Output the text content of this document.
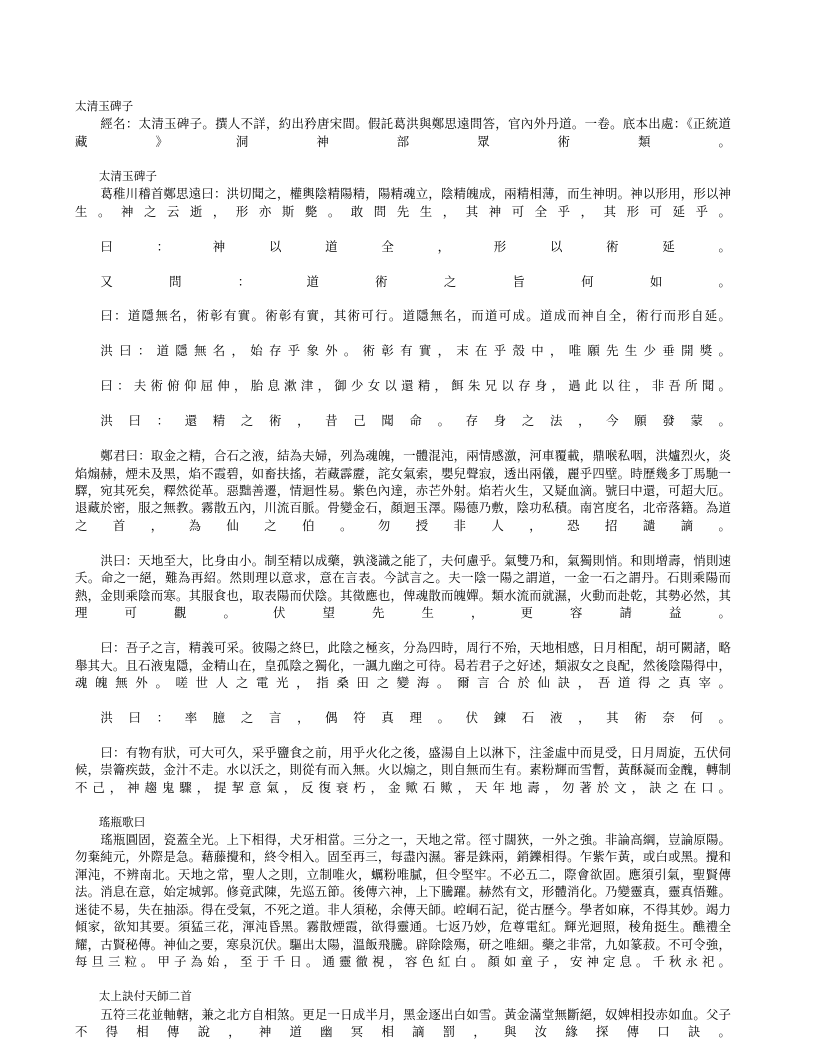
太清玉碑子

經名：太清玉碑子。撰人不詳，約出矜唐宋間。假託葛洪與鄭思遠問答，官內外丹道。一卷。底本出處：《正統道藏》洞神部眾術類。

太清玉碑子

葛稚川稽首鄭思遠曰：洪切聞之，權輿陰精陽精，陽精魂立，陰精魄成，兩精相薄，而生神明。神以形用，形以神生。神之云逝，形亦斯斃。敢問先生，其神可全乎，其形可延乎。

曰：神以道全，形以術延。

又問：道術之旨何如。

曰：道隱無名，術彰有實。術彰有實，其術可行。道隱無名，而道可成。道成而神自全，術行而形自延。

洪曰：道隱無名，始存乎象外。術彰有實，末在乎殼中，唯願先生少垂開獎。

曰：夫術俯仰屈伸，胎息漱津，御少女以還精，餌朱兄以存身，過此以往，非吾所聞。

洪曰：還精之術，昔己聞命。存身之法，今願發蒙。

鄭君曰：取金之精，合石之液，結為夫婦，列為魂魄，一體混沌，兩情感激，河車覆載，鼎喉私咽，洪爐烈火，炎焰煽赫，煙未及黑，焰不霞碧，如畜扶搖，若藏霹靂，詫女氣索，嬰兒聲寂，透出兩儀，麗乎四壁。時歷幾多丁馬馳一驛，宛其死矣，釋然從革。惡黜善遷，情迴性易。紫色內達，赤芒外射。焰若火生，又疑血滴。號曰中還，可超大厄。退藏於密，服之無教。霧散五內，川流百脈。骨變金石，顏迴玉澤。陽德乃敷，陰功私積。南宮度名，北帝落籍。為道之首，為仙之伯。勿授非人，恐招譴謫。

洪曰：天地至大，比身由小。制至精以成藥，孰淺識之能了，夫何慮乎。氣雙乃和，氣獨則悄。和則增壽，悄則速夭。命之一絕，難為再紹。然則理以意求，意在言表。今試言之。夫一陰一陽之謂道，一金一石之謂丹。石則乘陽而熱，金則乘陰而寒。其服食也，取表陽而伏陰。其徵應也，俾魂散而魄嬋。類水流而就濕，火動而赴乾，其勢必然，其理可觀。伏望先生，更容請益。

曰：吾子之言，精義可采。彼陽之終巳，此陰之極亥，分為四時，周行不殆，天地相感，日月相配，胡可闕諸，略舉其大。且石液鬼隱，金精山在，皇孤陰之獨化，一諷九幽之可待。曷若君子之好述，類淑女之良配，然後陰陽得中，魂魄無外。嗟世人之電光，指桑田之變海。爾言合於仙訣，吾道得之真宰。

洪曰：率臆之言，偶符真理。伏鍊石液，其術奈何。

曰：有物有狀，可大可久，采乎鹽食之前，用乎火化之後，盛湯自上以淋下，注釜虛中而見受，日月周旋，五伏伺候，崇籥疾鼓，金汁不走。水以沃之，則從有而入無。火以煽之，則自無而生有。素粉輝而雪暫，黃酥凝而金醜，轉制不己，神趨鬼驟，提挈意氣，反復衰朽，金歟石歟，天年地壽，勿著於文，訣之在口。

瑤瓶歌曰

瑤瓶圓固，瓷蓋全光。上下相得，犬牙相當。三分之一，天地之常。徑寸闊狹，一外之強。非論高綱，豈論原陽。勿棄純元，外際是急。藉藤攪和，終令相入。固至再三，每盡內濕。審是銖兩，銷鑠相得。乍紫乍黃，或白或黑。攪和渾沌，不辨南北。天地之常，聖人之則，立制唯火，蠣粉唯膩，但令堅牢。不必五二，際會欲固。應須引氣，聖賢傳法。消息在意，始定城郭。修竟武陳，先巡五節。後傳六神，上下騰躍。赫然有文，形體消化。乃變靈真，靈真悟難。迷徒不易，失在抽添。得在受氣，不死之道。非人須秘，余傳天師。崆峒石記，從古歷今。學者如麻，不得其妙。竭力傾家，欲知其要。須猛三花，渾沌昏黑。霧散煙霞，欲得靈通。七返乃妙，危尊電紅。輝光迴照，稜角挺生。醮禮全耀，古賢秘傳。神仙之要，寒泉沉伏。驅出太陽，溫飯飛騰。辟除陰殤，研之唯細。藥之非常，九如篆菽。不可令強，每旦三粒。甲子為始，至于千日。通靈徹視，容色紅白。顏如童子，安神定息。千秋永祀。

太上訣付天師二首

五符三花並軸轄，兼之北方自相煞。更足一日成半月，黑金逐出白如雪。黃金滿堂無斷絕，奴婢相投赤如血。父子不得相傳說，神道幽冥相謫罰，與汝緣探傳口訣。
